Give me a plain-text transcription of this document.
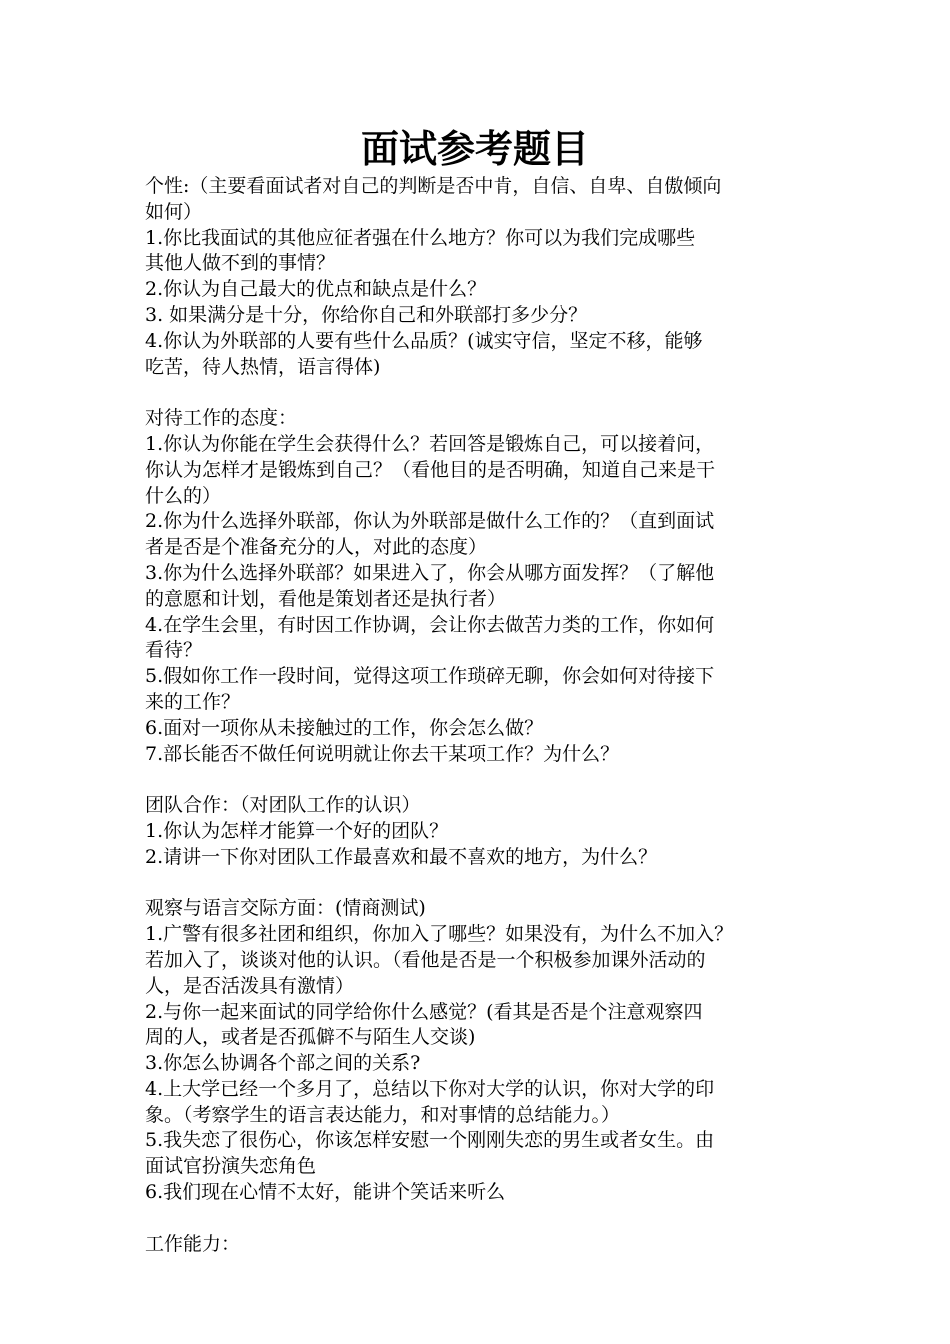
面试参考题目
个性:（主要看面试者对自己的判断是否中肯，自信、自卑、自傲倾向
如何）
1.你比我面试的其他应征者强在什么地方？你可以为我们完成哪些
其他人做不到的事情？
2.你认为自己最大的优点和缺点是什么？
3. 如果满分是十分，你给你自己和外联部打多少分？
4.你认为外联部的人要有些什么品质？(诚实守信，坚定不移，能够
吃苦，待人热情，语言得体)
对待工作的态度：
1.你认为你能在学生会获得什么？若回答是锻炼自己，可以接着问，
你认为怎样才是锻炼到自己？（看他目的是否明确，知道自己来是干
什么的）
2.你为什么选择外联部，你认为外联部是做什么工作的？（直到面试
者是否是个准备充分的人，对此的态度）
3.你为什么选择外联部？如果进入了，你会从哪方面发挥？（了解他
的意愿和计划，看他是策划者还是执行者）
4.在学生会里，有时因工作协调，会让你去做苦力类的工作，你如何
看待？
5.假如你工作一段时间，觉得这项工作琐碎无聊，你会如何对待接下
来的工作？
6.面对一项你从未接触过的工作，你会怎么做？
7.部长能否不做任何说明就让你去干某项工作？为什么？
团队合作：（对团队工作的认识）
1.你认为怎样才能算一个好的团队？
2.请讲一下你对团队工作最喜欢和最不喜欢的地方，为什么？
观察与语言交际方面：(情商测试)
1.广警有很多社团和组织，你加入了哪些？如果没有，为什么不加入？
若加入了，谈谈对他的认识。（看他是否是一个积极参加课外活动的
人，是否活泼具有激情）
2.与你一起来面试的同学给你什么感觉？(看其是否是个注意观察四
周的人，或者是否孤僻不与陌生人交谈)
3.你怎么协调各个部之间的关系?
4.上大学已经一个多月了，总结以下你对大学的认识，你对大学的印
象。（考察学生的语言表达能力，和对事情的总结能力。）
5.我失恋了很伤心，你该怎样安慰一个刚刚失恋的男生或者女生。由
面试官扮演失恋角色
6.我们现在心情不太好，能讲个笑话来听么
工作能力：
